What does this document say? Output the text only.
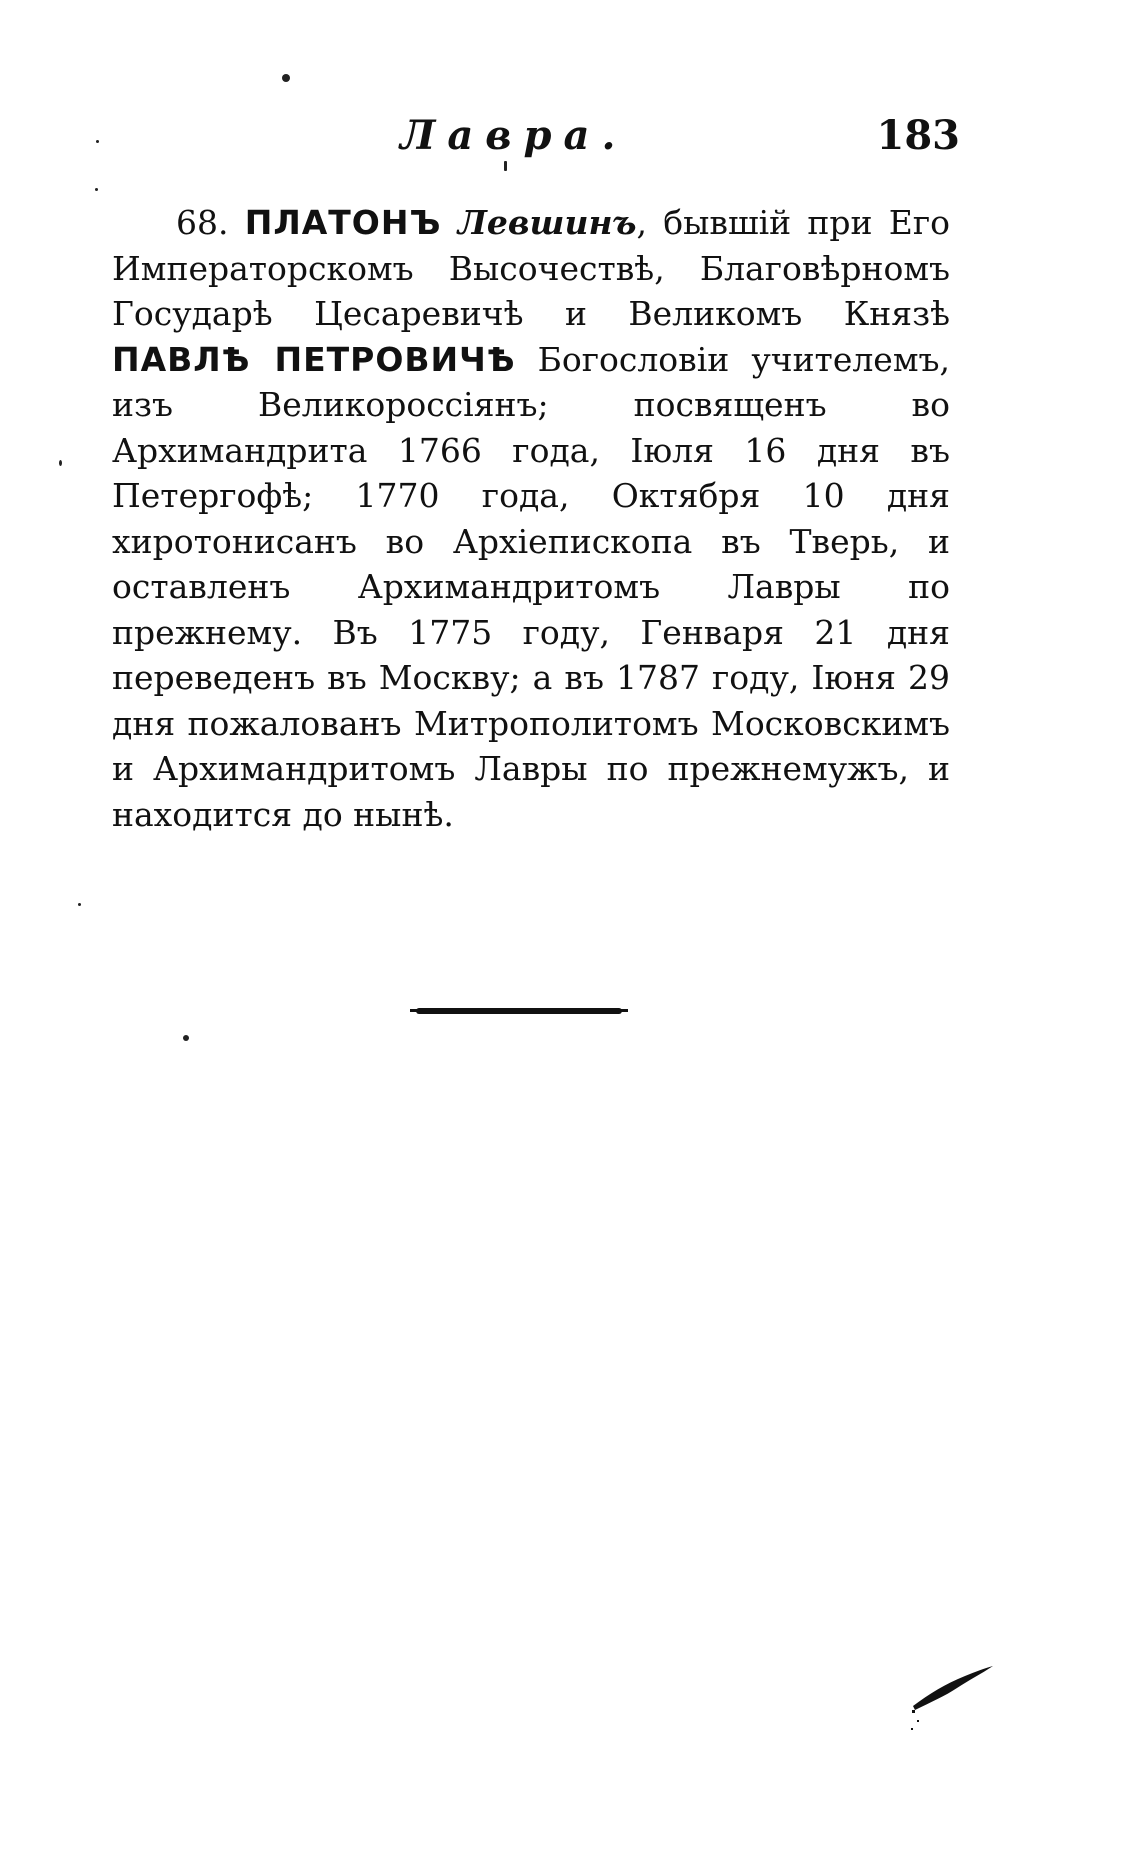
Лавра.	183

68. ПЛАТОНЪ Левшинъ, бывшій при Его Императорскомъ Высочествѣ, Благовѣрномъ Государѣ Цесаревичѣ и Великомъ Князѣ ПАВЛѢ ПЕТРОВИЧѢ Богословіи учителемъ, изъ Великороссіянъ; посвященъ во Архимандрита 1766 года, Іюля 16 дня въ Петергофѣ; 1770 года, Октября 10 дня хиротонисанъ во Архіепископа въ Тверь, и оставленъ Архимандритомъ Лавры по прежнему. Въ 1775 году, Генваря 21 дня переведенъ въ Москву; а въ 1787 году, Іюня 29 дня пожалованъ Митрополитомъ Московскимъ и Архимандритомъ Лавры по прежнемужъ, и находится до нынѣ.
